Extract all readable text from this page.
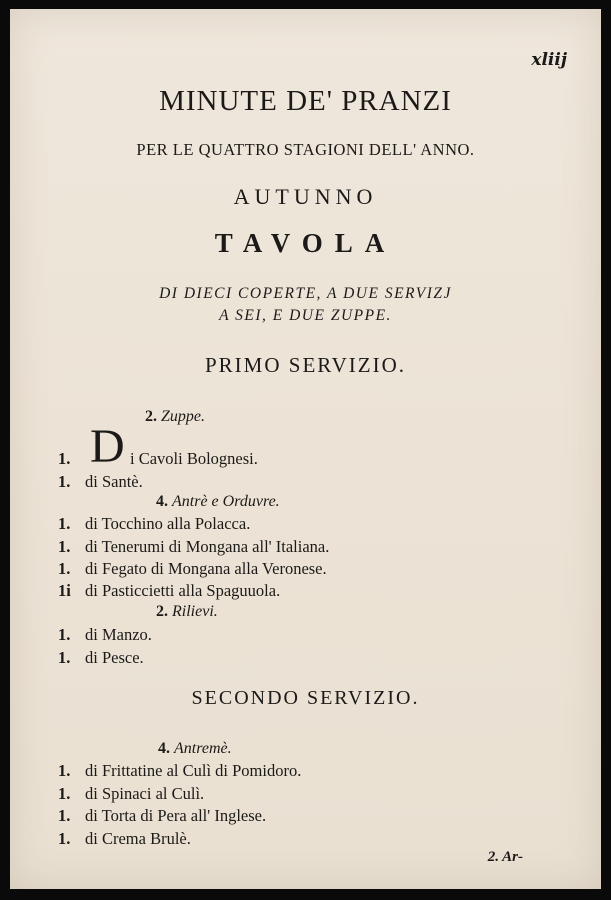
xliij
MINUTE DE' PRANZI
PER LE QUATTRO STAGIONI DELL' ANNO.
AUTUNNO
TAVOLA
DI DIECI COPERTE, A DUE SERVIZJ
A SEI, E DUE ZUPPE.
PRIMO SERVIZIO.
2. Zuppe.
1. D i Cavoli Bolognesi.
1. di Santè.
4. Antrè e Orduvre.
1. di Tocchino alla Polacca.
1. di Tenerumi di Mongana all' Italiana.
1. di Fegato di Mongana alla Veronese.
1i di Pasticcietti alla Spaguuola.
2. Rilievi.
1. di Manzo.
1. di Pesce.
SECONDO SERVIZIO.
4. Antremè.
1. di Frittatine al Culì di Pomidoro.
1. di Spinaci al Culì.
1. di Torta di Pera all' Inglese.
1. di Crema Brulè.
2. Ar-
